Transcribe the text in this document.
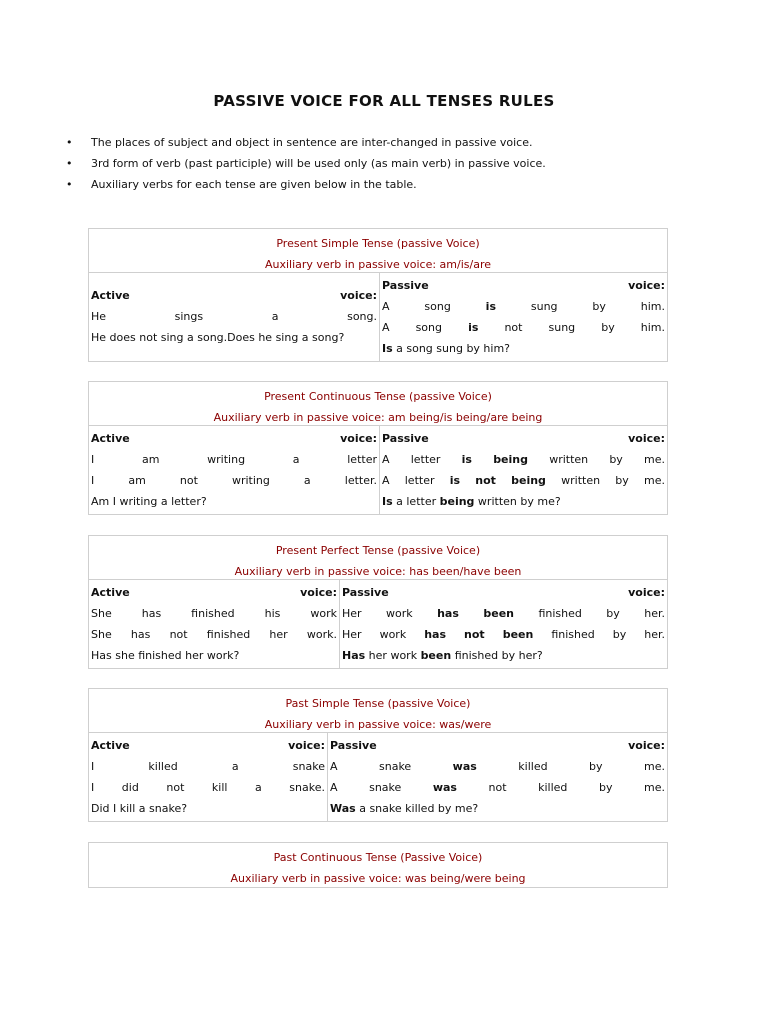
PASSIVE VOICE FOR ALL TENSES RULES
• The places of subject and object in sentence are inter-changed in passive voice.
• 3rd form of verb (past participle) will be used only (as main verb) in passive voice.
• Auxiliary verbs for each tense are given below in the table.
Present Simple Tense (passive Voice)
Auxiliary verb in passive voice: am/is/are
Active	voice:
He sings a song.
He does not sing a song.Does he sing a song?
Passive	voice:
A song is sung by him.
A song is not sung by him.
Is a song sung by him?
Present Continuous Tense (passive Voice)
Auxiliary verb in passive voice: am being/is being/are being
Active	voice:
I am writing a letter
I am not writing a letter.
Am I writing a letter?
Passive	voice:
A letter is being written by me.
A letter is not being written by me.
Is a letter being written by me?
Present Perfect Tense (passive Voice)
Auxiliary verb in passive voice: has been/have been
Active	voice:
She has finished his work
She has not finished her work.
Has she finished her work?
Passive	voice:
Her work has been finished by her.
Her work has not been finished by her.
Has her work been finished by her?
Past Simple Tense (passive Voice)
Auxiliary verb in passive voice: was/were
Active	voice:
I killed a snake
I did not kill a snake.
Did I kill a snake?
Passive	voice:
A snake was killed by me.
A snake was not killed by me.
Was a snake killed by me?
Past Continuous Tense (Passive Voice)
Auxiliary verb in passive voice: was being/were being
